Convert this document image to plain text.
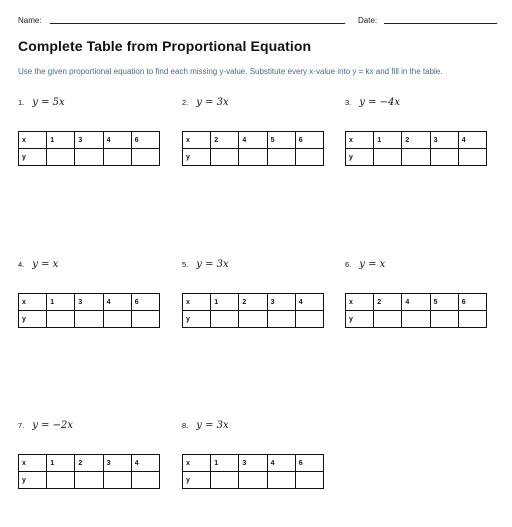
Name:	Date:
Complete Table from Proportional Equation
Use the given proportional equation to find each missing y-value. Substitute every x-value into y = kx and fill in the table.
1. y = 5x
x	1	3	4	6
y				
2. y = 3x
x	2	4	5	6
y				
3. y = −4x
x	1	2	3	4
y				
4. y = x
x	1	3	4	6
y				
5. y = 3x
x	1	2	3	4
y				
6. y = x
x	2	4	5	6
y				
7. y = −2x
x	1	2	3	4
y				
8. y = 3x
x	1	3	4	6
y				
